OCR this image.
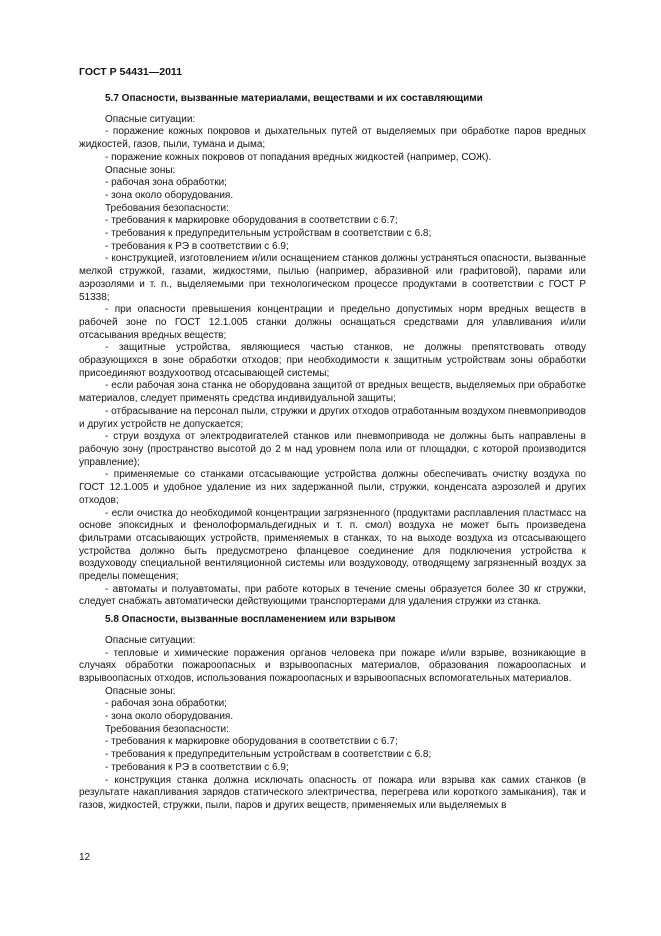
ГОСТ Р 54431—2011

5.7 Опасности, вызванные материалами, веществами и их составляющими

Опасные ситуации:

- поражение кожных покровов и дыхательных путей от выделяемых при обработке паров вредных жидкостей, газов, пыли, тумана и дыма;

- поражение кожных покровов от попадания вредных жидкостей (например, СОЖ).

Опасные зоны:

- рабочая зона обработки;

- зона около оборудования.

Требования безопасности:

- требования к маркировке оборудования в соответствии с 6.7;

- требования к предупредительным устройствам в соответствии с 6.8;

- требования к РЭ в соответствии с 6.9;

- конструкцией, изготовлением и/или оснащением станков должны устраняться опасности, вызванные мелкой стружкой, газами, жидкостями, пылью (например, абразивной или графитовой), парами или аэрозолями и т. п., выделяемыми при технологическом процессе продуктами в соответствии с ГОСТ Р 51338;

- при опасности превышения концентрации и предельно допустимых норм вредных веществ в рабочей зоне по ГОСТ 12.1.005 станки должны оснащаться средствами для улавливания и/или отсасывания вредных веществ;

- защитные устройства, являющиеся частью станков, не должны препятствовать отводу образующихся в зоне обработки отходов; при необходимости к защитным устройствам зоны обработки присоединяют воздухоотвод отсасывающей системы;

- если рабочая зона станка не оборудована защитой от вредных веществ, выделяемых при обработке материалов, следует применять средства индивидуальной защиты;

- отбрасывание на персонал пыли, стружки и других отходов отработанным воздухом пневмоприводов и других устройств не допускается;

- струи воздуха от электродвигателей станков или пневмопривода не должны быть направлены в рабочую зону (пространство высотой до 2 м над уровнем пола или от площадки, с которой производится управление);

- применяемые со станками отсасывающие устройства должны обеспечивать очистку воздуха по ГОСТ 12.1.005 и удобное удаление из них задержанной пыли, стружки, конденсата аэрозолей и других отходов;

- если очистка до необходимой концентрации загрязненного (продуктами расплавления пластмасс на основе эпоксидных и фенолоформальдегидных и т. п. смол) воздуха не может быть произведена фильтрами отсасывающих устройств, применяемых в станках, то на выходе воздуха из отсасывающего устройства должно быть предусмотрено фланцевое соединение для подключения устройства к воздуховоду специальной вентиляционной системы или воздуховоду, отводящему загрязненный воздух за пределы помещения;

- автоматы и полуавтоматы, при работе которых в течение смены образуется более 30 кг стружки, следует снабжать автоматически действующими транспортерами для удаления стружки из станка.

5.8 Опасности, вызванные воспламенением или взрывом

Опасные ситуации:

- тепловые и химические поражения органов человека при пожаре и/или взрыве, возникающие в случаях обработки пожароопасных и взрывоопасных материалов, образования пожароопасных и взрывоопасных отходов, использования пожароопасных и взрывоопасных вспомогательных материалов.

Опасные зоны:

- рабочая зона обработки;

- зона около оборудования.

Требования безопасности:

- требования к маркировке оборудования в соответствии с 6.7;

- требования к предупредительным устройствам в соответствии с 6.8;

- требования к РЭ в соответствии с 6.9;

- конструкция станка должна исключать опасность от пожара или взрыва как самих станков (в результате накапливания зарядов статического электричества, перегрева или короткого замыкания), так и газов, жидкостей, стружки, пыли, паров и других веществ, применяемых или выделяемых в

12
